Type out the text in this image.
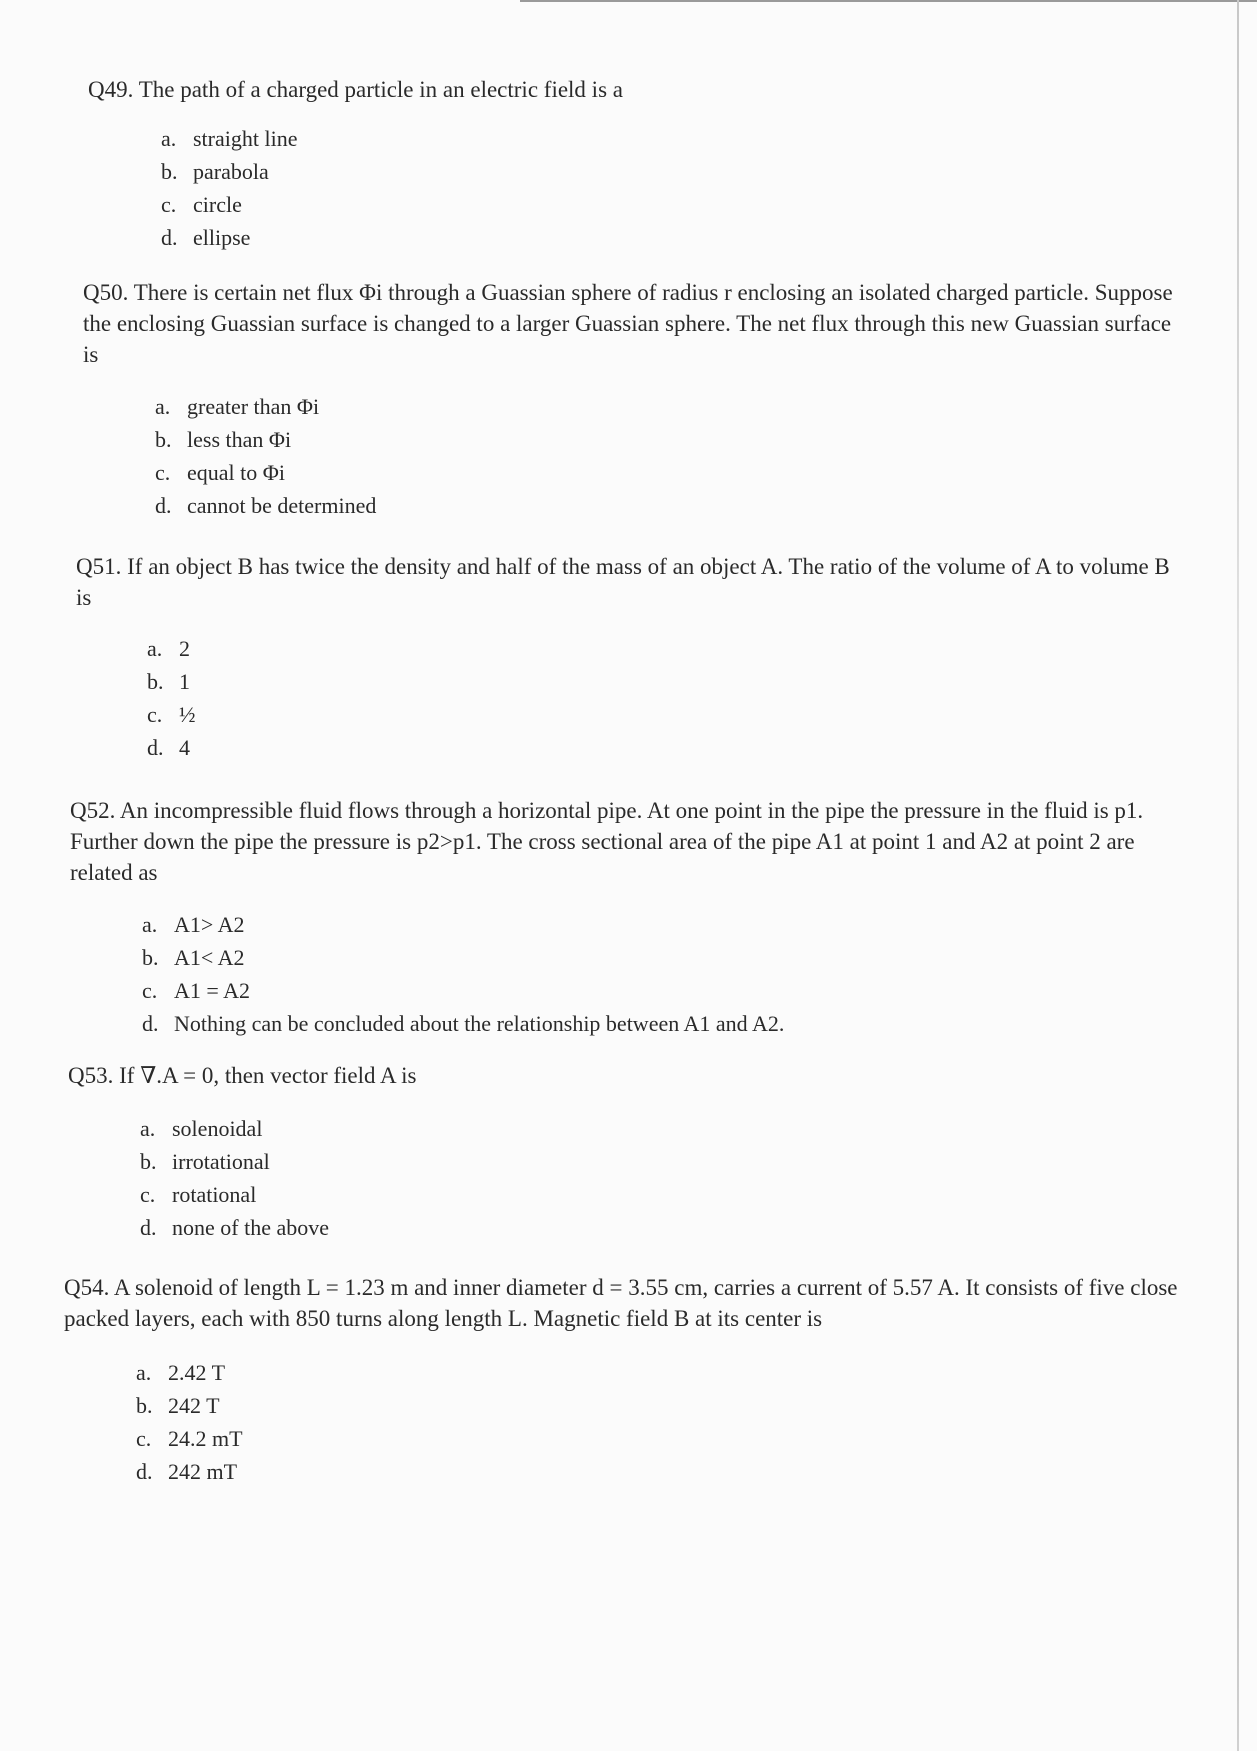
Q49. The path of a charged particle in an electric field is a

a. straight line
b. parabola
c. circle
d. ellipse

Q50. There is certain net flux Φi through a Guassian sphere of radius r enclosing an isolated charged particle. Suppose the enclosing Guassian surface is changed to a larger Guassian sphere. The net flux through this new Guassian surface is

a. greater than Φi
b. less than Φi
c. equal to Φi
d. cannot be determined

Q51. If an object B has twice the density and half of the mass of an object A. The ratio of the volume of A to volume B is

a. 2
b. 1
c. ½
d. 4

Q52. An incompressible fluid flows through a horizontal pipe. At one point in the pipe the pressure in the fluid is p1. Further down the pipe the pressure is p2>p1. The cross sectional area of the pipe A1 at point 1 and A2 at point 2 are related as

a. A1> A2
b. A1< A2
c. A1 = A2
d. Nothing can be concluded about the relationship between A1 and A2.

Q53. If ∇.A = 0, then vector field A is

a. solenoidal
b. irrotational
c. rotational
d. none of the above

Q54. A solenoid of length L = 1.23 m and inner diameter d = 3.55 cm, carries a current of 5.57 A. It consists of five close packed layers, each with 850 turns along length L. Magnetic field B at its center is

a. 2.42 T
b. 242 T
c. 24.2 mT
d. 242 mT
